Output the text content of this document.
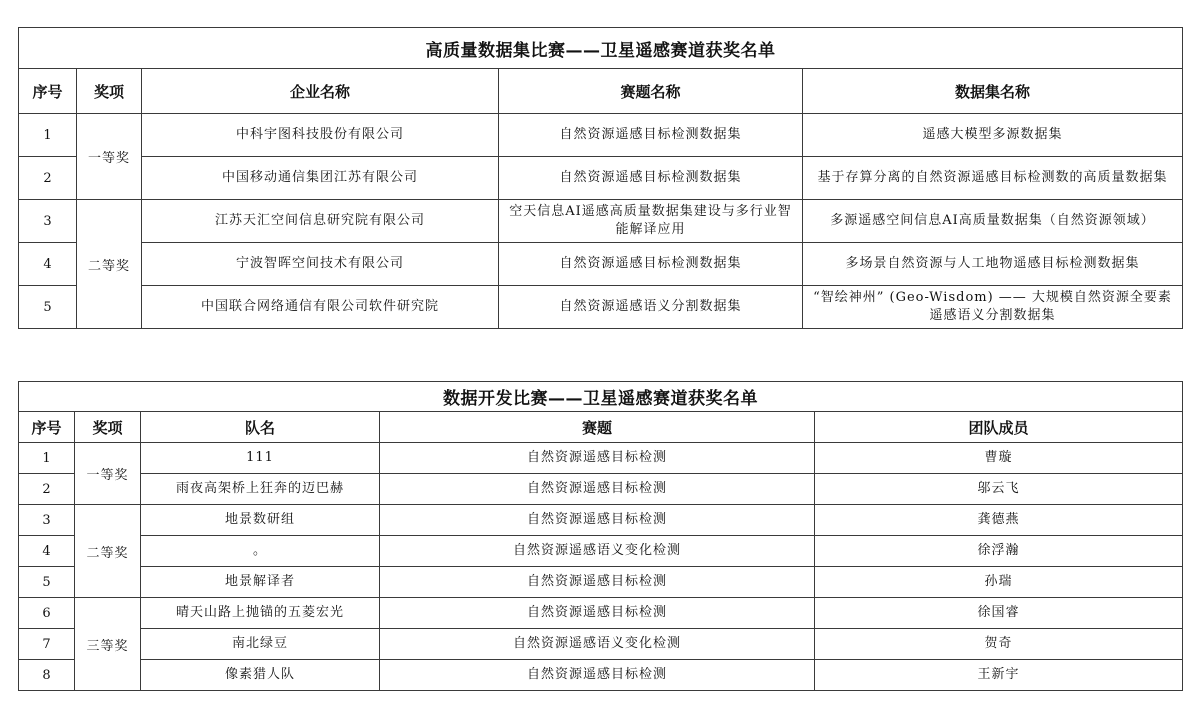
高质量数据集比赛——卫星遥感赛道获奖名单				
序号	奖项	企业名称	赛题名称	数据集名称
1	一等奖	中科宇图科技股份有限公司	自然资源遥感目标检测数据集	遥感大模型多源数据集
2		中国移动通信集团江苏有限公司	自然资源遥感目标检测数据集	基于存算分离的自然资源遥感目标检测数的高质量数据集
3	二等奖	江苏天汇空间信息研究院有限公司	空天信息AI遥感高质量数据集建设与多行业智能解译应用	多源遥感空间信息AI高质量数据集（自然资源领域）
4		宁波智晖空间技术有限公司	自然资源遥感目标检测数据集	多场景自然资源与人工地物遥感目标检测数据集
5		中国联合网络通信有限公司软件研究院	自然资源遥感语义分割数据集	“智绘神州” (Geo-Wisdom) —— 大规模自然资源全要素遥感语义分割数据集
数据开发比赛——卫星遥感赛道获奖名单				
序号	奖项	队名	赛题	团队成员
1	一等奖	111	自然资源遥感目标检测	曹璇
2		雨夜高架桥上狂奔的迈巴赫	自然资源遥感目标检测	邬云飞
3	二等奖	地景数研组	自然资源遥感目标检测	龚德燕
4		。	自然资源遥感语义变化检测	徐浮瀚
5		地景解译者	自然资源遥感目标检测	孙瑞
6	三等奖	晴天山路上抛锚的五菱宏光	自然资源遥感目标检测	徐国睿
7		南北绿豆	自然资源遥感语义变化检测	贺奇
8		像素猎人队	自然资源遥感目标检测	王新宇
